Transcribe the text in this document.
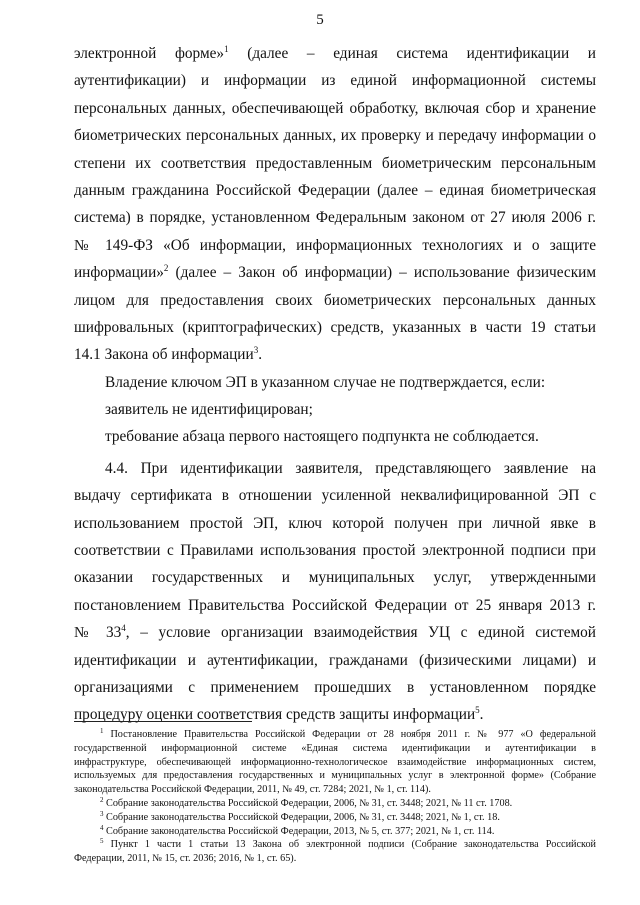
5
электронной форме»$^1$ (далее – единая система идентификации и
аутентификации) и информации из единой информационной системы
персональных данных, обеспечивающей обработку, включая сбор и хранение
биометрических персональных данных, их проверку и передачу информации о
степени их соответствия предоставленным биометрическим персональным
данным гражданина Российской Федерации (далее – единая биометрическая
система) в порядке, установленном Федеральным законом от 27 июля 2006 г.
№ 149-ФЗ «Об информации, информационных технологиях и о защите
информации»$^2$ (далее – Закон об информации) – использование физическим
лицом для предоставления своих биометрических персональных данных
шифровальных (криптографических) средств, указанных в части 19 статьи
14.1 Закона об информации$^3$.
Владение ключом ЭП в указанном случае не подтверждается, если:
заявитель не идентифицирован;
требование абзаца первого настоящего подпункта не соблюдается.
4.4. При идентификации заявителя, представляющего заявление на
выдачу сертификата в отношении усиленной неквалифицированной ЭП с
использованием простой ЭП, ключ которой получен при личной явке в
соответствии с Правилами использования простой электронной подписи при
оказании государственных и муниципальных услуг, утвержденными
постановлением Правительства Российской Федерации от 25 января 2013 г.
№ $33^4$, – условие организации взаимодействия УЦ с единой системой
идентификации и аутентификации, гражданами (физическими лицами) и
организациями с применением прошедших в установленном порядке
процедуру оценки соответствия средств защиты информации$^5$.
$^1$ Постановление Правительства Российской Федерации от 28 ноября 2011 г. № 977 «О федеральной
государственной информационной системе «Единая система идентификации и аутентификации в
инфраструктуре, обеспечивающей информационно-технологическое взаимодействие информационных систем,
используемых для предоставления государственных и муниципальных услуг в электронной форме» (Собрание
законодательства Российской Федерации, 2011, № 49, ст. 7284; 2021, № 1, ст. 114).
$^2$ Собрание законодательства Российской Федерации, 2006, № 31, ст. 3448; 2021, № 11 ст. 1708.
$^3$ Собрание законодательства Российской Федерации, 2006, № 31, ст. 3448; 2021, № 1, ст. 18.
$^4$ Собрание законодательства Российской Федерации, 2013, № 5, ст. 377; 2021, № 1, ст. 114.
$^5$ Пункт 1 части 1 статьи 13 Закона об электронной подписи (Собрание законодательства Российской
Федерации, 2011, № 15, ст. 2036; 2016, № 1, ст. 65).
